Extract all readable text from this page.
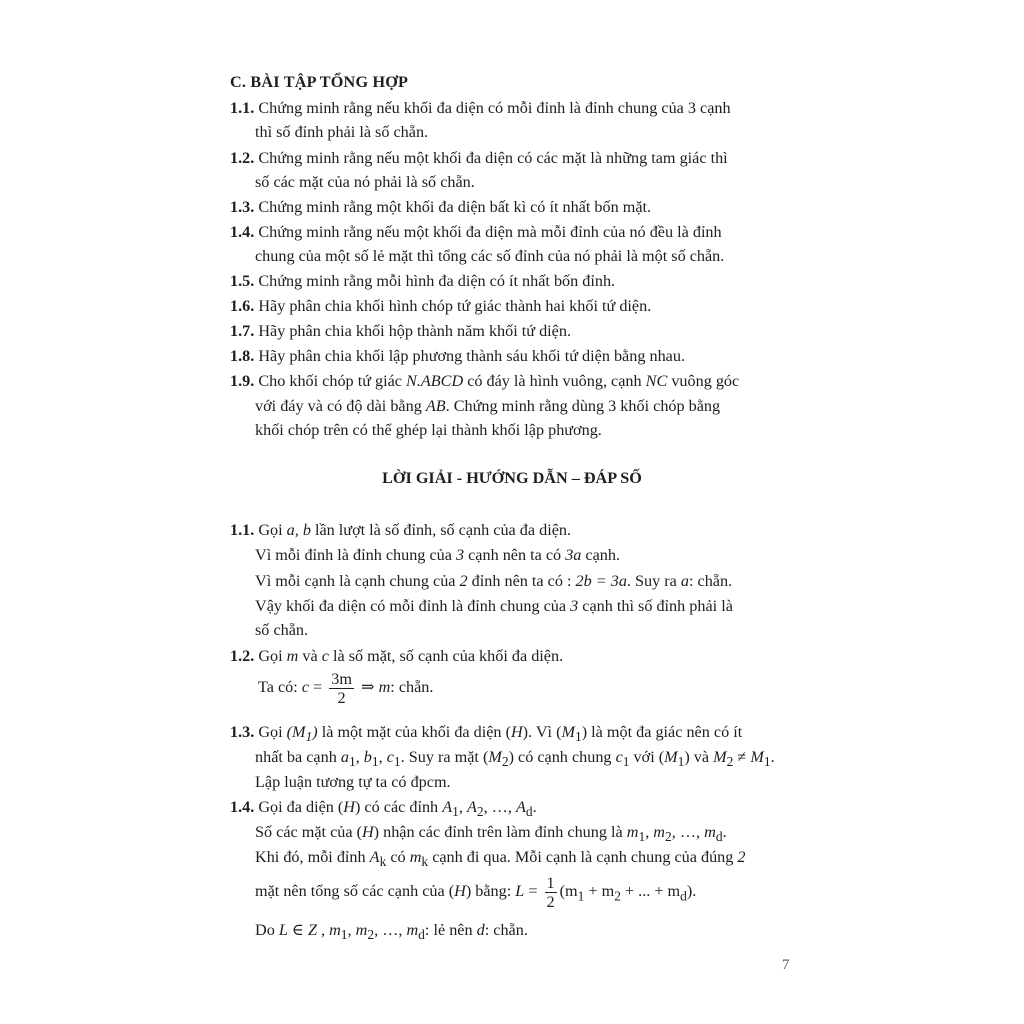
C. BÀI TẬP TỔNG HỢP
1.1. Chứng minh rằng nếu khối đa diện có mỗi đỉnh là đỉnh chung của 3 cạnh
thì số đỉnh phải là số chẵn.
1.2. Chứng minh rằng nếu một khối đa diện có các mặt là những tam giác thì
số các mặt của nó phải là số chẵn.
1.3. Chứng minh rằng một khối đa diện bất kì có ít nhất bốn mặt.
1.4. Chứng minh rằng nếu một khối đa diện mà mỗi đỉnh của nó đều là đỉnh
chung của một số lẻ mặt thì tổng các số đỉnh của nó phải là một số chẵn.
1.5. Chứng minh rằng mỗi hình đa diện có ít nhất bốn đỉnh.
1.6. Hãy phân chia khối hình chóp tứ giác thành hai khối tứ diện.
1.7. Hãy phân chia khối hộp thành năm khối tứ diện.
1.8. Hãy phân chia khối lập phương thành sáu khối tứ diện bằng nhau.
1.9. Cho khối chóp tứ giác N.ABCD có đáy là hình vuông, cạnh NC vuông góc
với đáy và có độ dài bằng AB. Chứng minh rằng dùng 3 khối chóp bằng
khối chóp trên có thể ghép lại thành khối lập phương.
LỜI GIẢI - HƯỚNG DẪN – ĐÁP SỐ
1.1. Gọi a, b lần lượt là số đỉnh, số cạnh của đa diện.
Vì mỗi đỉnh là đỉnh chung của 3 cạnh nên ta có 3a cạnh.
Vì mỗi cạnh là cạnh chung của 2 đỉnh nên ta có : 2b = 3a. Suy ra a: chẵn.
Vậy khối đa diện có mỗi đỉnh là đỉnh chung của 3 cạnh thì số đỉnh phải là
số chẵn.
1.2. Gọi m và c là số mặt, số cạnh của khối đa diện.
Ta có: $c = \frac{3m}{2}$ ⇒ m: chẵn.
1.3. Gọi $(M_1)$ là một mặt của khối đa diện (H). Vì $(M_1)$ là một đa giác nên có ít
nhất ba cạnh $a_1$, $b_1$, $c_1$. Suy ra mặt $(M_2)$ có cạnh chung $c_1$ với $(M_1)$ và $M_2 \ne M_1$.
Lập luận tương tự ta có đpcm.
1.4. Gọi đa diện (H) có các đỉnh $A_1$, $A_2$, …, $A_d$.
Số các mặt của (H) nhận các đỉnh trên làm đỉnh chung là $m_1$, $m_2$, …, $m_d$.
Khi đó, mỗi đỉnh $A_k$ có $m_k$ cạnh đi qua. Mỗi cạnh là cạnh chung của đúng 2
mặt nên tổng số các cạnh của (H) bằng: $L = \frac{1}{2} (m_1 + m_2$ + ... + $m_d$).
Do L ∈ Z , $m_1$, $m_2$, …, $m_d$: lẻ nên d: chẵn.
7
